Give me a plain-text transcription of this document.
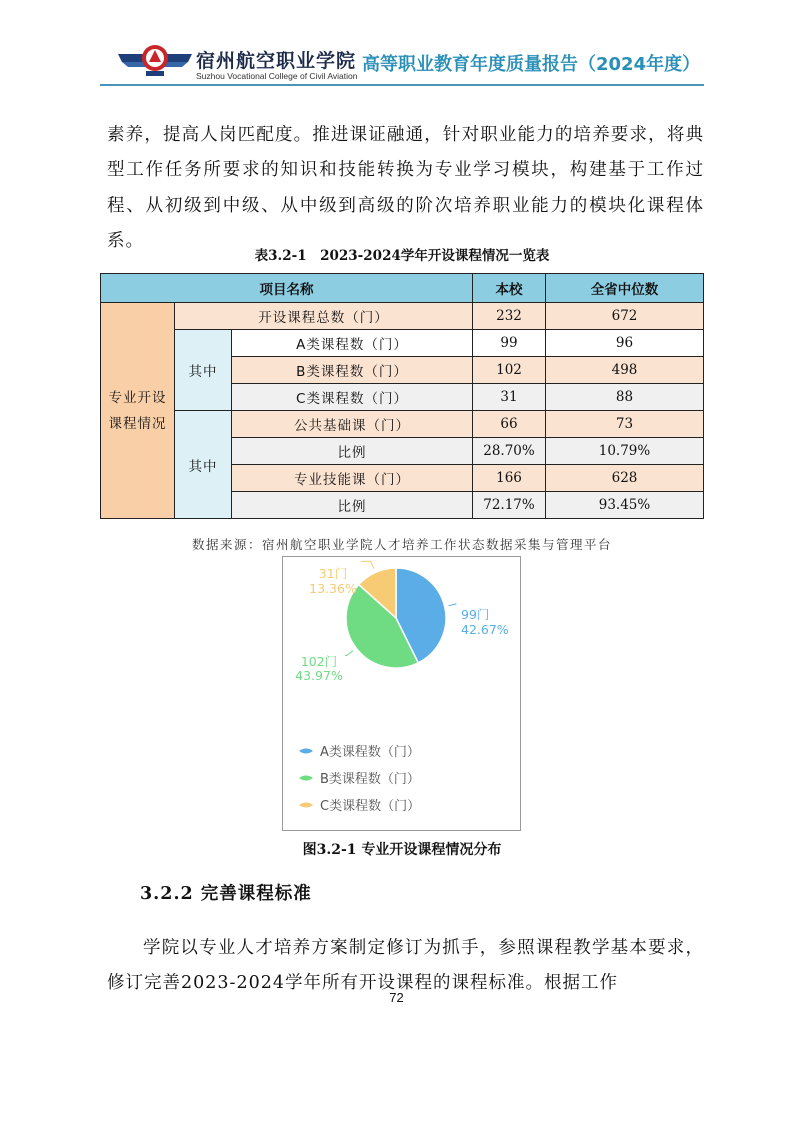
宿州航空职业学院
Suzhou Vocational College of Civil Aviation
高等职业教育年度质量报告（2024年度）

素养，提高人岗匹配度。推进课证融通，针对职业能力的培养要求，将典型工作任务所要求的知识和技能转换为专业学习模块，构建基于工作过程、从初级到中级、从中级到高级的阶次培养职业能力的模块化课程体系。

表3.2-1　2023-2024学年开设课程情况一览表
项目名称			本校	全省中位数

专业开设课程情况	开设课程总数（门）		232	672
	其中	A类课程数（门）	99	96
		B类课程数（门）	102	498
		C类课程数（门）	31	88
	其中	公共基础课（门）	66	73
		比例	28.70%	10.79%
		专业技能课（门）	166	628
		比例	72.17%	93.45%
数据来源：宿州航空职业学院人才培养工作状态数据采集与管理平台
99门
42.67%
102门
43.97%
31门
13.36%
A类课程数（门）
B类课程数（门）
C类课程数（门）
图3.2-1 专业开设课程情况分布
3.2.2 完善课程标准

学院以专业人才培养方案制定修订为抓手，参照课程教学基本要求，修订完善2023-2024学年所有开设课程的课程标准。根据工作

72
